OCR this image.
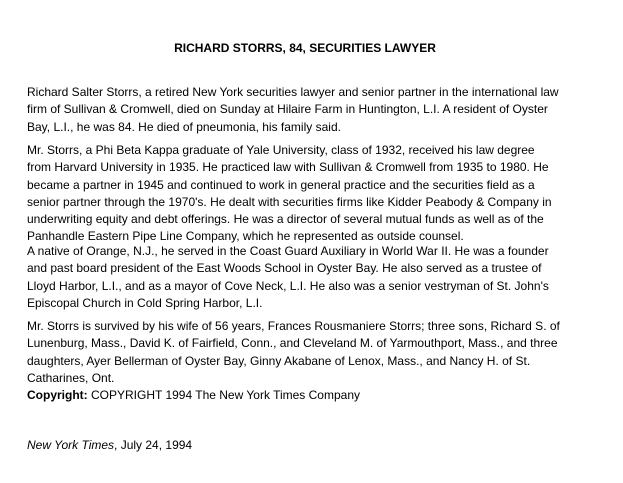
RICHARD STORRS, 84, SECURITIES LAWYER

Richard Salter Storrs, a retired New York securities lawyer and senior partner in the international law
firm of Sullivan & Cromwell, died on Sunday at Hilaire Farm in Huntington, L.I. A resident of Oyster
Bay, L.I., he was 84. He died of pneumonia, his family said.

Mr. Storrs, a Phi Beta Kappa graduate of Yale University, class of 1932, received his law degree
from Harvard University in 1935. He practiced law with Sullivan & Cromwell from 1935 to 1980. He
became a partner in 1945 and continued to work in general practice and the securities field as a
senior partner through the 1970's. He dealt with securities firms like Kidder Peabody & Company in
underwriting equity and debt offerings. He was a director of several mutual funds as well as of the
Panhandle Eastern Pipe Line Company, which he represented as outside counsel.

A native of Orange, N.J., he served in the Coast Guard Auxiliary in World War II. He was a founder
and past board president of the East Woods School in Oyster Bay. He also served as a trustee of
Lloyd Harbor, L.I., and as a mayor of Cove Neck, L.I. He also was a senior vestryman of St. John's
Episcopal Church in Cold Spring Harbor, L.I.

Mr. Storrs is survived by his wife of 56 years, Frances Rousmaniere Storrs; three sons, Richard S. of
Lunenburg, Mass., David K. of Fairfield, Conn., and Cleveland M. of Yarmouthport, Mass., and three
daughters, Ayer Bellerman of Oyster Bay, Ginny Akabane of Lenox, Mass., and Nancy H. of St.
Catharines, Ont.

Copyright: COPYRIGHT 1994 The New York Times Company
New York Times, July 24, 1994
